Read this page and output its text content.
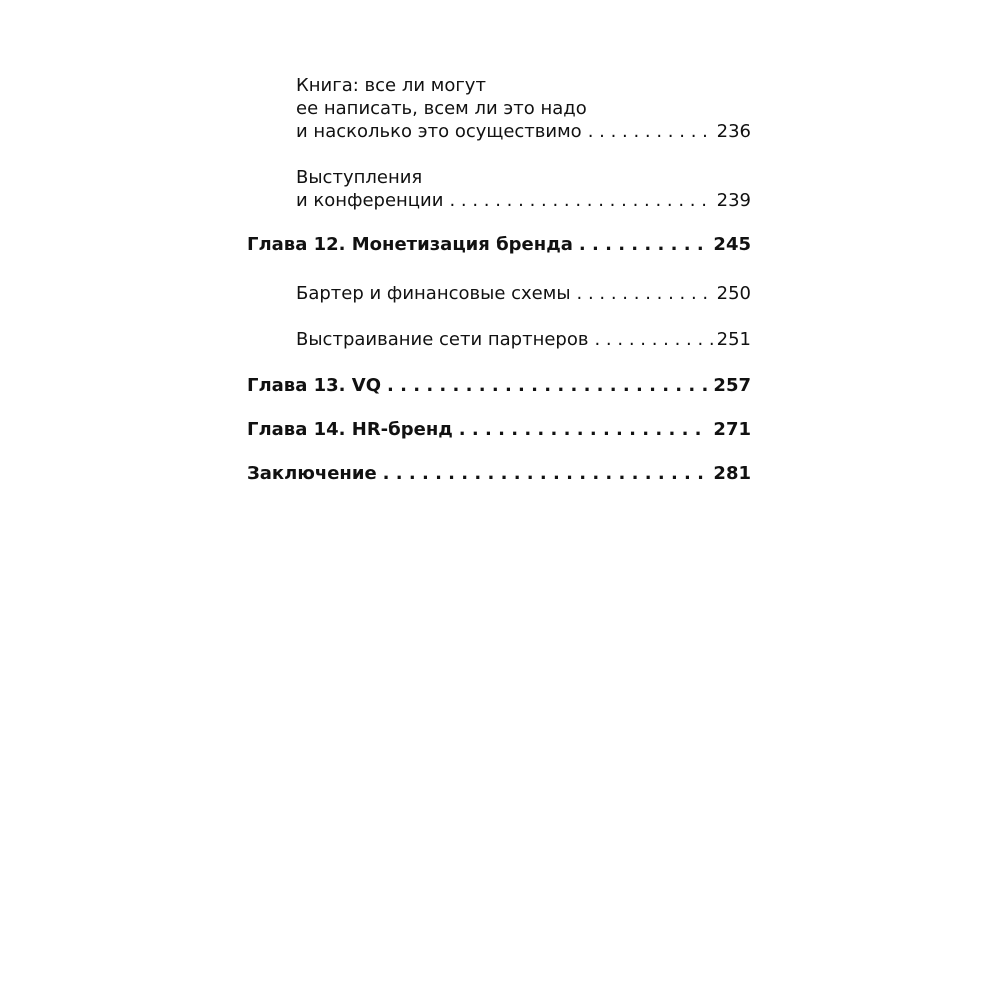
Книга: все ли могут
ее написать, всем ли это надо
и насколько это осуществимо . . .	236
Выступления
и конференции . . .	239
Глава 12. Монетизация бренда . . .	245
Бартер и финансовые схемы . . .	250
Выстраивание сети партнеров . . .	251
Глава 13. VQ . . .	257
Глава 14. HR-бренд . . .	271
Заключение . . .	281
